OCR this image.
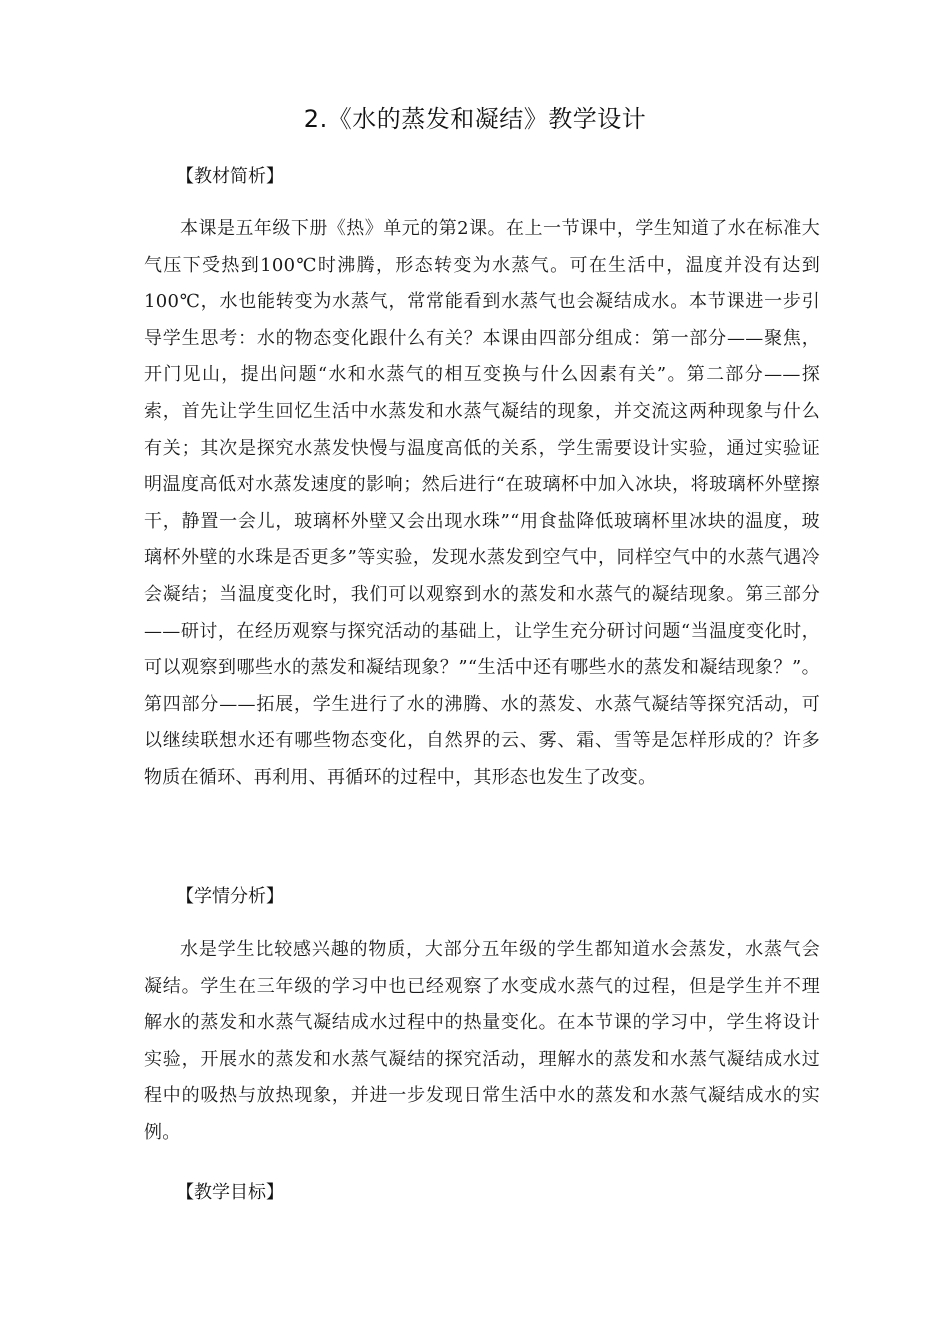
2.《水的蒸发和凝结》教学设计
【教材简析】

本课是五年级下册《热》单元的第2课。在上一节课中，学生知道了水在标准大气压下受热到100℃时沸腾，形态转变为水蒸气。可在生活中，温度并没有达到 100℃，水也能转变为水蒸气，常常能看到水蒸气也会凝结成水。本节课进一步引导学生思考：水的物态变化跟什么有关？本课由四部分组成：第一部分——聚焦，开门见山，提出问题“水和水蒸气的相互变换与什么因素有关”。第二部分——探索，首先让学生回忆生活中水蒸发和水蒸气凝结的现象，并交流这两种现象与什么有关；其次是探究水蒸发快慢与温度高低的关系，学生需要设计实验，通过实验证明温度高低对水蒸发速度的影响；然后进行“在玻璃杯中加入冰块，将玻璃杯外壁擦干，静置一会儿，玻璃杯外壁又会出现水珠”“用食盐降低玻璃杯里冰块的温度，玻璃杯外壁的水珠是否更多”等实验，发现水蒸发到空气中，同样空气中的水蒸气遇冷会凝结；当温度变化时，我们可以观察到水的蒸发和水蒸气的凝结现象。第三部分——研讨，在经历观察与探究活动的基础上，让学生充分研讨问题“当温度变化时，可以观察到哪些水的蒸发和凝结现象？”“生活中还有哪些水的蒸发和凝结现象？”。第四部分——拓展，学生进行了水的沸腾、水的蒸发、水蒸气凝结等探究活动，可以继续联想水还有哪些物态变化，自然界的云、雾、霜、雪等是怎样形成的？许多物质在循环、再利用、再循环的过程中，其形态也发生了改变。

【学情分析】

水是学生比较感兴趣的物质，大部分五年级的学生都知道水会蒸发，水蒸气会凝结。学生在三年级的学习中也已经观察了水变成水蒸气的过程，但是学生并不理解水的蒸发和水蒸气凝结成水过程中的热量变化。在本节课的学习中，学生将设计实验，开展水的蒸发和水蒸气凝结的探究活动，理解水的蒸发和水蒸气凝结成水过程中的吸热与放热现象，并进一步发现日常生活中水的蒸发和水蒸气凝结成水的实例。

【教学目标】
